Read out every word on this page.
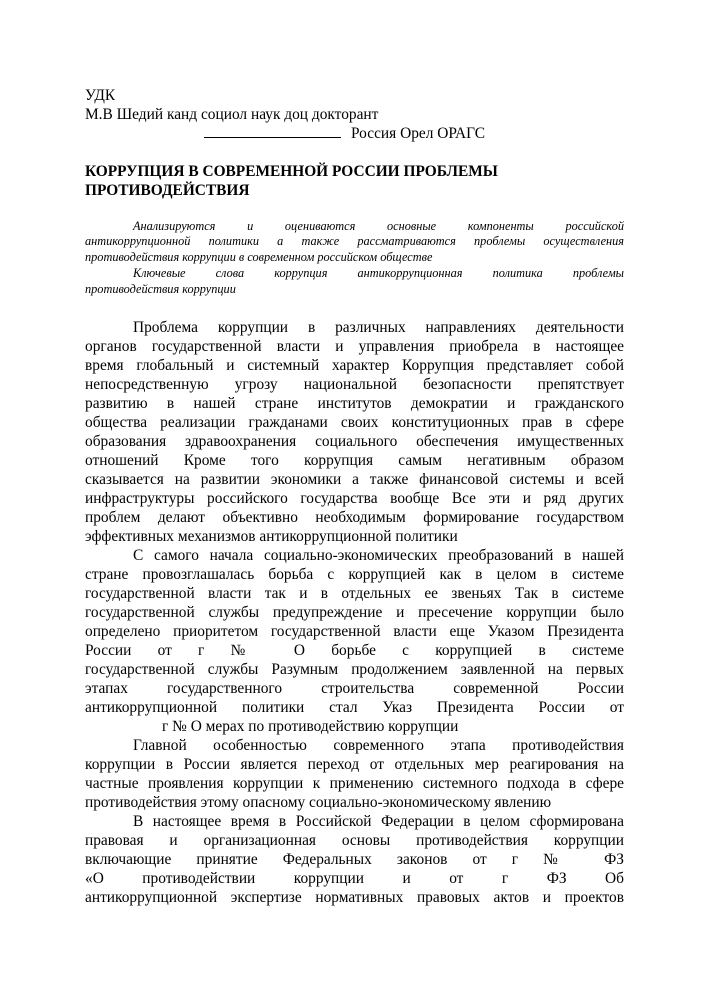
УДК
М.В Шедий канд социол наук доц докторант
Россия Орел ОРАГС
КОРРУПЦИЯ В СОВРЕМЕННОЙ РОССИИ ПРОБЛЕМЫ
ПРОТИВОДЕЙСТВИЯ
Анализируются и оцениваются основные компоненты российской
антикоррупционной политики а также рассматриваются проблемы осуществления
противодействия коррупции в современном российском обществе
Ключевые слова коррупция антикоррупционная политика проблемы
противодействия коррупции
Проблема коррупции в различных направлениях деятельности
органов государственной власти и управления приобрела в настоящее
время глобальный и системный характер Коррупция представляет собой
непосредственную угрозу национальной безопасности препятствует
развитию в нашей стране институтов демократии и гражданского
общества реализации гражданами своих конституционных прав в сфере
образования здравоохранения социального обеспечения имущественных
отношений Кроме того коррупция самым негативным образом
сказывается на развитии экономики а также финансовой системы и всей
инфраструктуры российского государства вообще Все эти и ряд других
проблем делают объективно необходимым формирование государством
эффективных механизмов антикоррупционной политики
С самого начала социально-экономических преобразований в нашей
стране провозглашалась борьба с коррупцией как в целом в системе
государственной власти так и в отдельных ее звеньях Так в системе
государственной службы предупреждение и пресечение коррупции было
определено приоритетом государственной власти еще Указом Президента
России от г № О борьбе с коррупцией в системе
государственной службы Разумным продолжением заявленной на первых
этапах государственного строительства современной России
антикоррупционной политики стал Указ Президента России от
г № О мерах по противодействию коррупции
Главной особенностью современного этапа противодействия
коррупции в России является переход от отдельных мер реагирования на
частные проявления коррупции к применению системного подхода в сфере
противодействия этому опасному социально-экономическому явлению
В настоящее время в Российской Федерации в целом сформирована
правовая и организационная основы противодействия коррупции
включающие принятие Федеральных законов от г № ФЗ
«О противодействии коррупции и от г ФЗ Об
антикоррупционной экспертизе нормативных правовых актов и проектов
